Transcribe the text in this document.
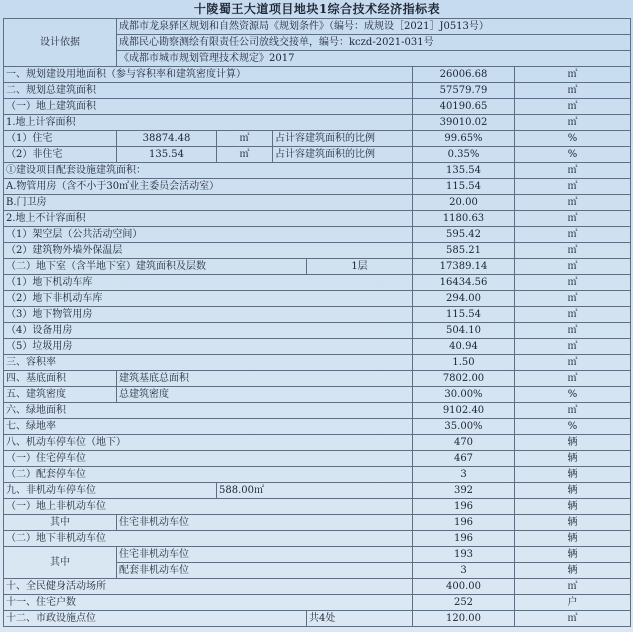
十陵蜀王大道项目地块1综合技术经济指标表						
设计依据	成都市龙泉驿区规划和自然资源局《规划条件》（编号：成规设［2021］J0513号）					
	成都民心勘察测绘有限责任公司放线交接单，编号：kczd-2021-031号					
	《成都市城市规划管理技术规定》2017					
一、规划建设用地面积（参与容积率和建筑密度计算）					26006.68	㎡
二、规划总建筑面积					57579.79	㎡
（一）地上建筑面积					40190.65	㎡
1.地上计容面积					39010.02	㎡
（1）住宅	38874.48	㎡	占计容建筑面积的比例		99.65%	%
（2）非住宅	135.54	㎡	占计容建筑面积的比例		0.35%	%
①建设项目配套设施建筑面积：					135.54	㎡
A.物管用房（含不小于30㎡业主委员会活动室）					115.54	㎡
B.门卫房					20.00	㎡
2.地上不计容面积					1180.63	㎡
（1）架空层（公共活动空间）					595.42	㎡
（2）建筑物外墙外保温层					585.21	㎡
（二）地下室（含半地下室）建筑面积及层数				1层	17389.14	㎡
（1）地下机动车库					16434.56	㎡
（2）地下非机动车库					294.00	㎡
（3）地下物管用房					115.54	㎡
（4）设备用房					504.10	㎡
（5）垃圾用房					40.94	㎡
三、容积率					1.50	㎡
四、基底面积	建筑基底总面积				7802.00	㎡
五、建筑密度	总建筑密度				30.00%	%
六、绿地面积					9102.40	㎡
七、绿地率					35.00%	%
八、机动车停车位（地下）					470	辆
（一）住宅停车位					467	辆
（二）配套停车位					3	辆
九、非机动车停车位		588.00㎡			392	辆
（一）地上非机动车位					196	辆
其中	住宅非机动车位				196	辆
（二）地下非机动车位					196	辆
其中	住宅非机动车位				193	辆
	配套非机动车位				3	辆
十、全民健身活动场所					400.00	㎡
十一、住宅户数					252	户
十二、市政设施点位				共4处	120.00	㎡
